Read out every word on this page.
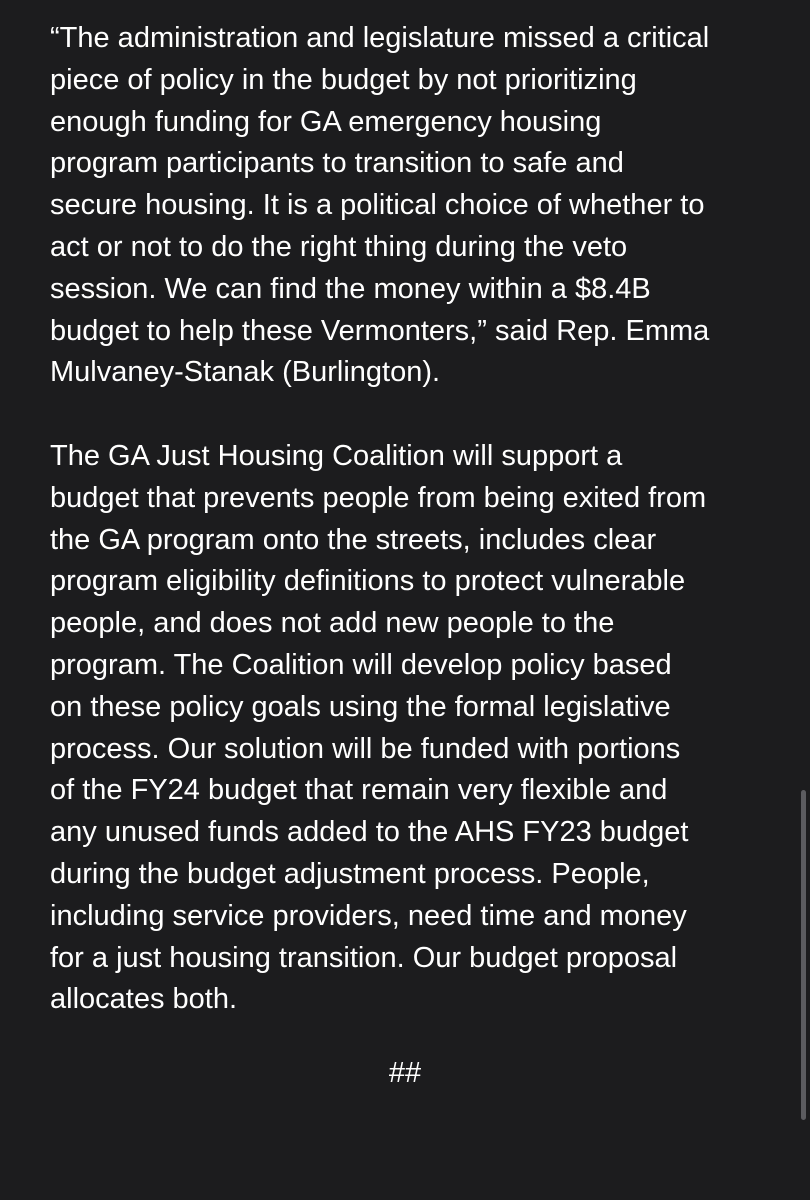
“The administration and legislature missed a critical
piece of policy in the budget by not prioritizing
enough funding for GA emergency housing
program participants to transition to safe and
secure housing. It is a political choice of whether to
act or not to do the right thing during the veto
session. We can find the money within a $8.4B
budget to help these Vermonters,” said Rep. Emma
Mulvaney-Stanak (Burlington).

The GA Just Housing Coalition will support a
budget that prevents people from being exited from
the GA program onto the streets, includes clear
program eligibility definitions to protect vulnerable
people, and does not add new people to the
program. The Coalition will develop policy based
on these policy goals using the formal legislative
process. Our solution will be funded with portions
of the FY24 budget that remain very flexible and
any unused funds added to the AHS FY23 budget
during the budget adjustment process. People,
including service providers, need time and money
for a just housing transition. Our budget proposal
allocates both.

##
